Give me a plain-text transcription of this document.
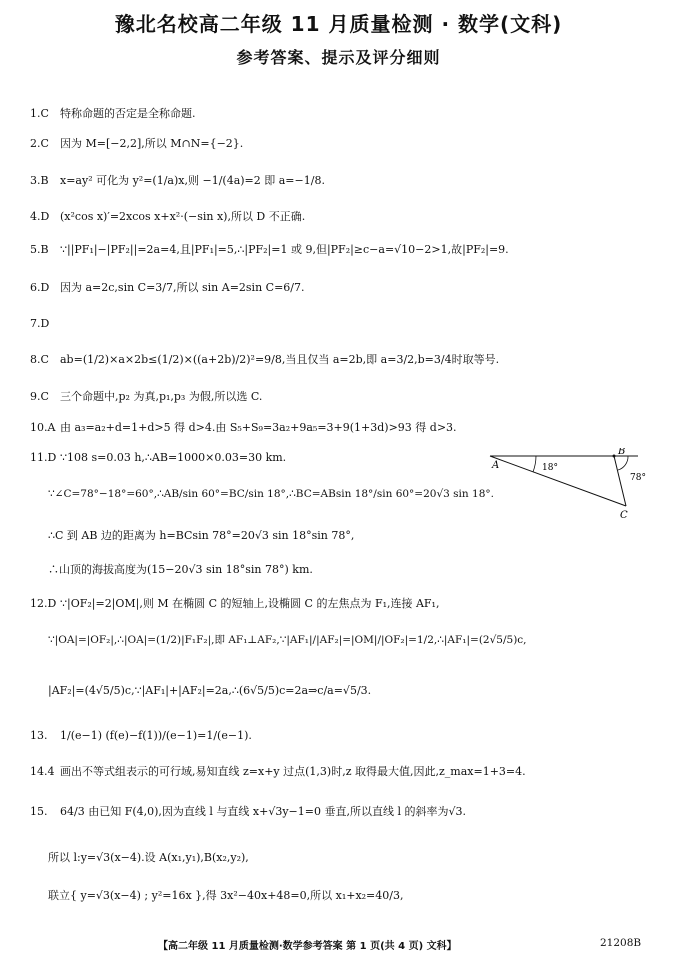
豫北名校高二年级 11 月质量检测 · 数学(文科)
参考答案、提示及评分细则
1.C 特称命题的否定是全称命题.
2.C 因为 M=[−2,2],所以 M∩N={−2}.
3.B x=ay² 可化为 y²=(1/a)x,则 −1/(4a)=2 即 a=−1/8.
4.D (x²cos x)′=2xcos x+x²·(−sin x),所以 D 不正确.
5.B ∵||PF₁|−|PF₂||=2a=4,且|PF₁|=5,∴|PF₂|=1 或 9,但|PF₂|≥c−a=√10−2>1,故|PF₂|=9.
6.D 因为 a=2c,sin C=3/7,所以 sin A=2sin C=6/7.
7.D
8.C ab=(1/2)×a×2b≤(1/2)×((a+2b)/2)²=9/8,当且仅当 a=2b,即 a=3/2,b=3/4时取等号.
9.C 三个命题中,p₂ 为真,p₁,p₃ 为假,所以选 C.
10.A 由 a₃=a₂+d=1+d>5 得 d>4.由 S₅+S₉=3a₂+9a₅=3+9(1+3d)>93 得 d>3.
11.D ∵108 s=0.03 h,∴AB=1000×0.03=30 km.
∵∠C=78°−18°=60°,∴AB/sin 60°=BC/sin 18°,∴BC=ABsin 18°/sin 60°=20√3 sin 18°.
∴C 到 AB 边的距离为 h=BCsin 78°=20√3 sin 18°sin 78°,
∴山顶的海拔高度为(15−20√3 sin 18°sin 78°) km.
12.D ∵|OF₂|=2|OM|,则 M 在椭圆 C 的短轴上,设椭圆 C 的左焦点为 F₁,连接 AF₁,
∵|OA|=|OF₂|,∴|OA|=(1/2)|F₁F₂|,即 AF₁⊥AF₂,∵|AF₁|/|AF₂|=|OM|/|OF₂|=1/2,∴|AF₁|=(2√5/5)c,
|AF₂|=(4√5/5)c,∵|AF₁|+|AF₂|=2a,∴(6√5/5)c=2a⇒c/a=√5/3.
13. 1/(e−1) (f(e)−f(1))/(e−1)=1/(e−1).
14.4 画出不等式组表示的可行域,易知直线 z=x+y 过点(1,3)时,z 取得最大值,因此,z_max=1+3=4.
15. 64/3 由已知 F(4,0),因为直线 l 与直线 x+√3y−1=0 垂直,所以直线 l 的斜率为√3.
所以 l:y=√3(x−4).设 A(x₁,y₁),B(x₂,y₂),
联立{ y=√3(x−4) ; y²=16x },得 3x²−40x+48=0,所以 x₁+x₂=40/3,
A
B
C
18°
78°
【高二年级 11 月质量检测·数学参考答案 第 1 页(共 4 页) 文科】	21208B
